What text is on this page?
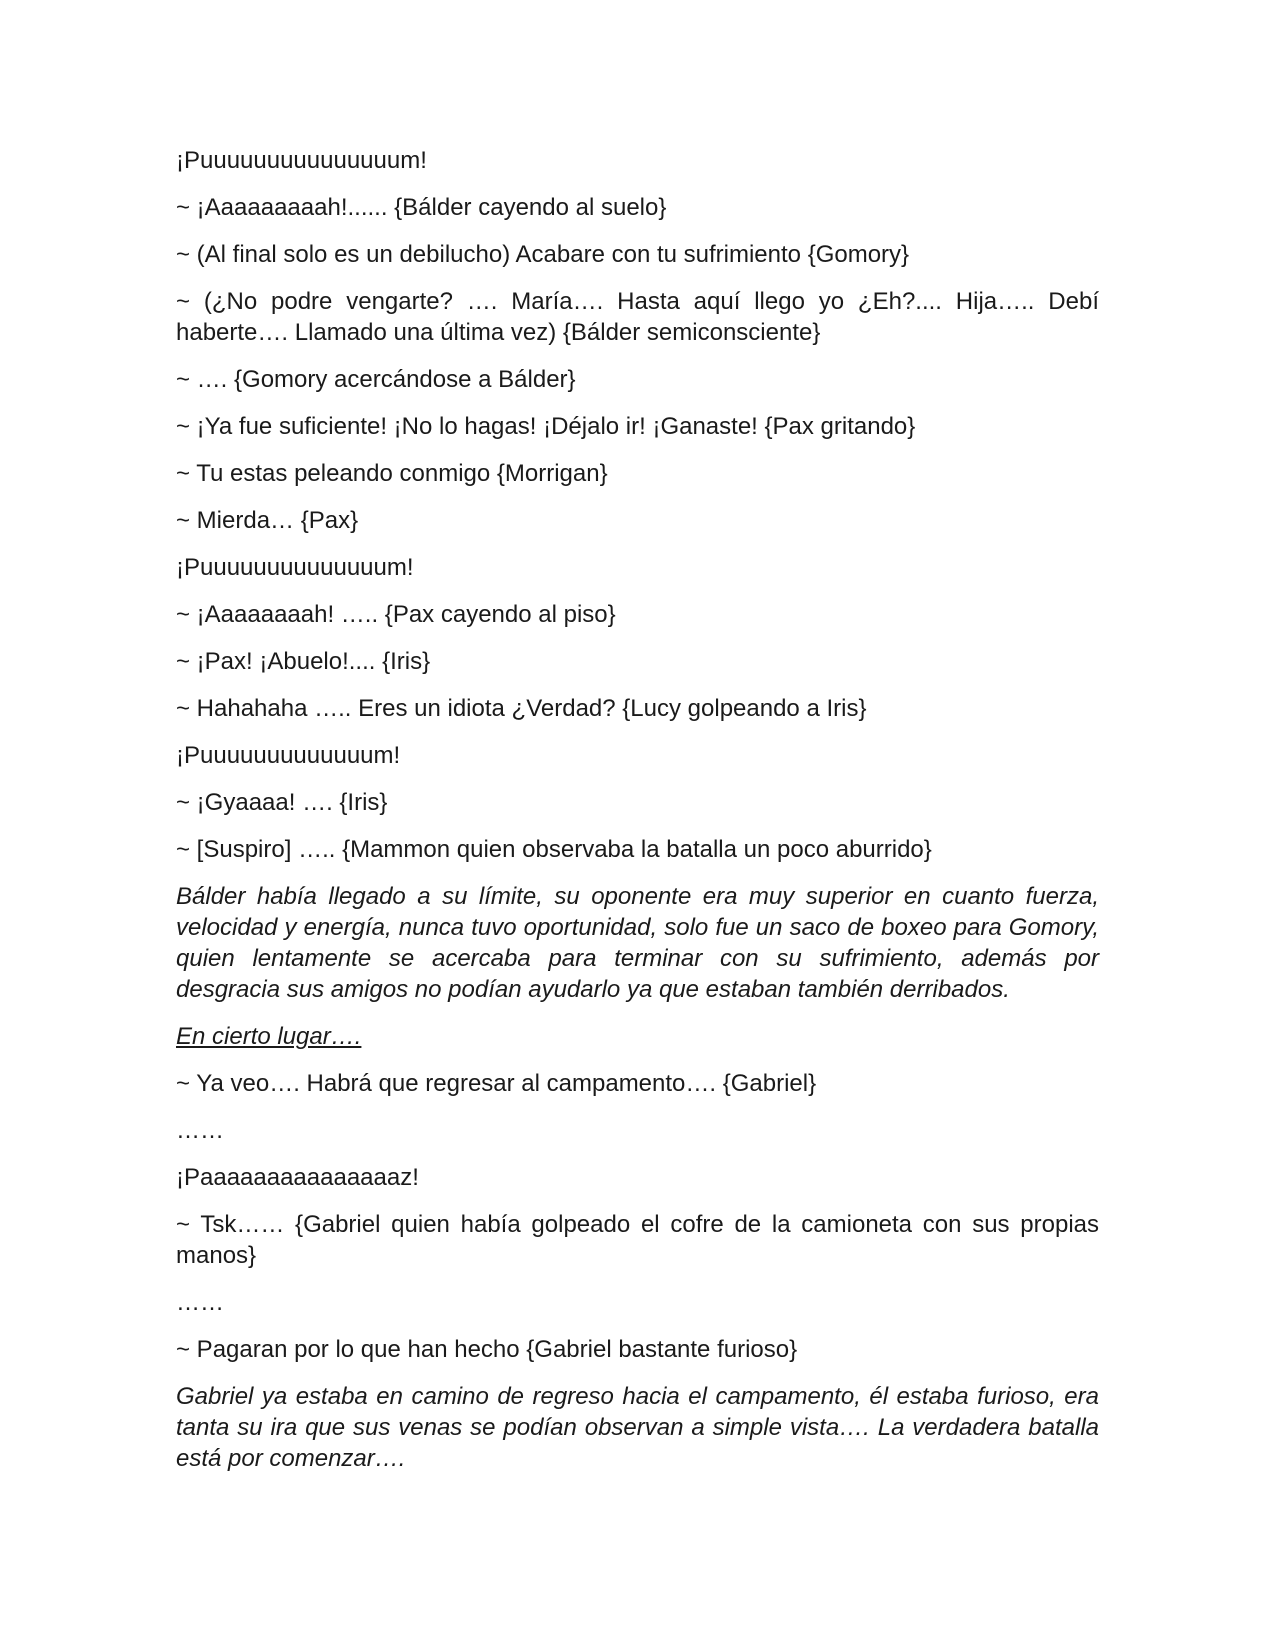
¡Puuuuuuuuuuuuuuum!

~ ¡Aaaaaaaaah!...... {Bálder cayendo al suelo}

~ (Al final solo es un debilucho) Acabare con tu sufrimiento {Gomory}

~ (¿No podre vengarte? …. María…. Hasta aquí llego yo ¿Eh?.... Hija….. Debí haberte…. Llamado una última vez) {Bálder semiconsciente}

~ …. {Gomory acercándose a Bálder}

~ ¡Ya fue suficiente! ¡No lo hagas! ¡Déjalo ir! ¡Ganaste! {Pax gritando}

~ Tu estas peleando conmigo {Morrigan}

~ Mierda… {Pax}

¡Puuuuuuuuuuuuuum!

~ ¡Aaaaaaaah! ….. {Pax cayendo al piso}

~ ¡Pax! ¡Abuelo!.... {Iris}

~ Hahahaha ….. Eres un idiota ¿Verdad? {Lucy golpeando a Iris}

¡Puuuuuuuuuuuuum!

~ ¡Gyaaaa! …. {Iris}

~ [Suspiro] ….. {Mammon quien observaba la batalla un poco aburrido}

Bálder había llegado a su límite, su oponente era muy superior en cuanto fuerza, velocidad y energía, nunca tuvo oportunidad, solo fue un saco de boxeo para Gomory, quien lentamente se acercaba para terminar con su sufrimiento, además por desgracia sus amigos no podían ayudarlo ya que estaban también derribados.

En cierto lugar….

~ Ya veo…. Habrá que regresar al campamento…. {Gabriel}

……

¡Paaaaaaaaaaaaaaaz!

~ Tsk…… {Gabriel quien había golpeado el cofre de la camioneta con sus propias manos}

……

~ Pagaran por lo que han hecho {Gabriel bastante furioso}

Gabriel ya estaba en camino de regreso hacia el campamento, él estaba furioso, era tanta su ira que sus venas se podían observan a simple vista…. La verdadera batalla está por comenzar….
